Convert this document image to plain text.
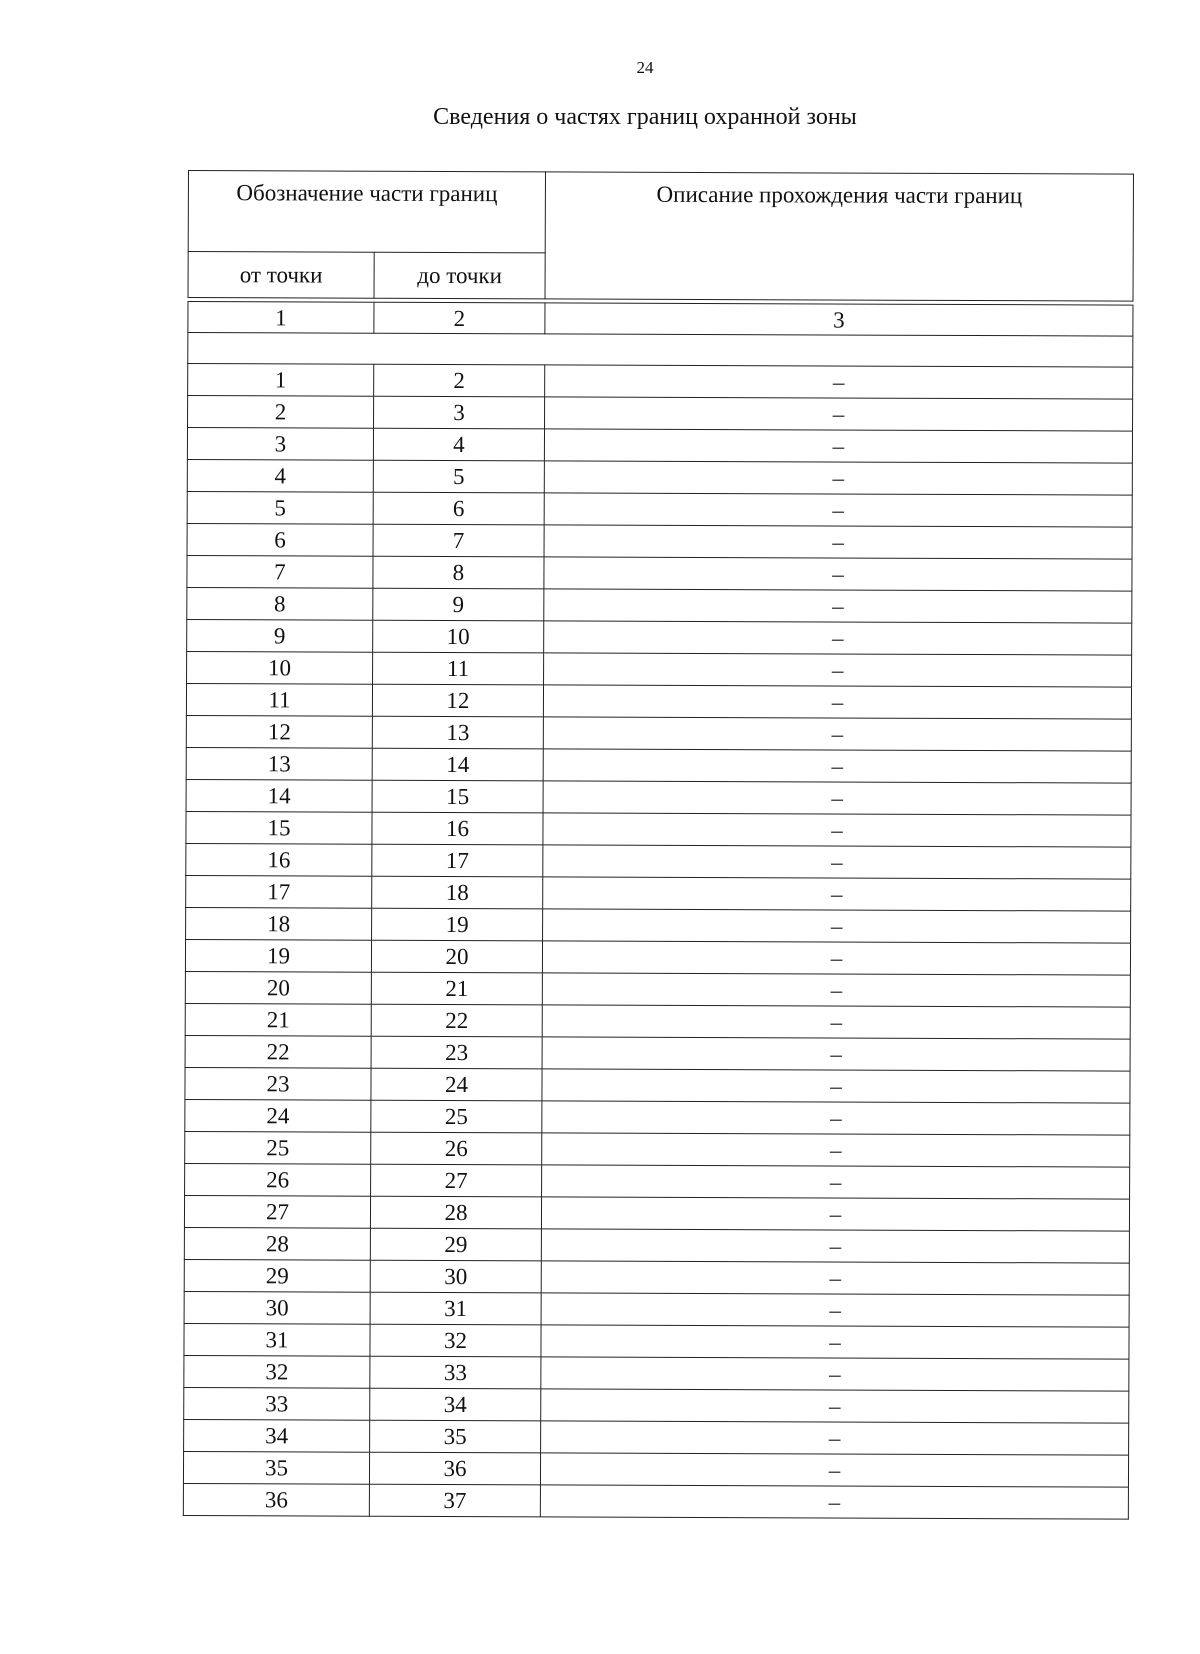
24
Сведения о частях границ охранной зоны
Обозначение части границ		Описание прохождения части границ
от точки	до точки	

1	2	3

1	2	–
2	3	–
3	4	–
4	5	–
5	6	–
6	7	–
7	8	–
8	9	–
9	10	–
10	11	–
11	12	–
12	13	–
13	14	–
14	15	–
15	16	–
16	17	–
17	18	–
18	19	–
19	20	–
20	21	–
21	22	–
22	23	–
23	24	–
24	25	–
25	26	–
26	27	–
27	28	–
28	29	–
29	30	–
30	31	–
31	32	–
32	33	–
33	34	–
34	35	–
35	36	–
36	37	–
